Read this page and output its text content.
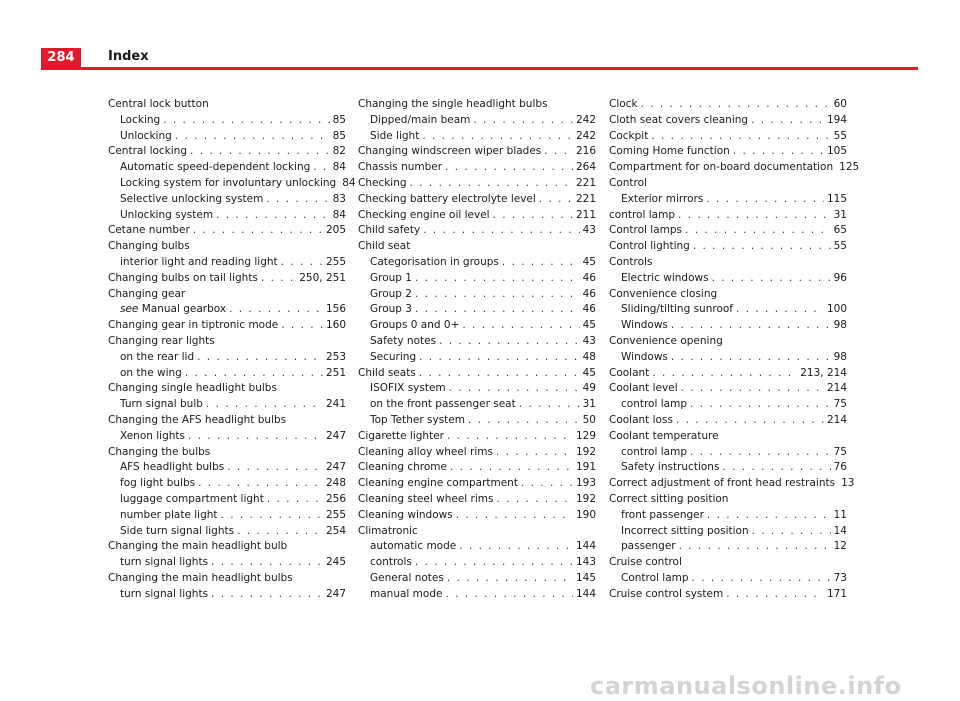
284	Index
Central lock button
Locking . . .	85
Unlocking . . .	85
Central locking . . .	82
Automatic speed-dependent locking . . . 84
Locking system for involuntary unlocking 84
Selective unlocking system . . .	83
Unlocking system . . .	84
Cetane number . . .	205
Changing bulbs
interior light and reading light . . .	255
Changing bulbs on tail lights . . .	250, 251
Changing gear
see Manual gearbox . . .	156
Changing gear in tiptronic mode . . .	160
Changing rear lights
on the rear lid . . .	253
on the wing . . .	251
Changing single headlight bulbs
Turn signal bulb . . .	241
Changing the AFS headlight bulbs
Xenon lights . . .	247
Changing the bulbs
AFS headlight bulbs . . .	247
fog light bulbs . . .	248
luggage compartment light . . .	256
number plate light . . .	255
Side turn signal lights . . .	254
Changing the main headlight bulb
turn signal lights . . .	245
Changing the main headlight bulbs
turn signal lights . . .	247
Changing the single headlight bulbs
Dipped/main beam . . .	242
Side light . . .	242
Changing windscreen wiper blades . . .	216
Chassis number . . .	264
Checking . . .	221
Checking battery electrolyte level . . .	221
Checking engine oil level . . .	211
Child safety . . .	43
Child seat
Categorisation in groups . . .	45
Group 1 . . .	46
Group 2 . . .	46
Group 3 . . .	46
Groups 0 and 0+ . . .	45
Safety notes . . .	43
Securing . . .	48
Child seats . . .	45
ISOFIX system . . .	49
on the front passenger seat . . .	31
Top Tether system . . .	50
Cigarette lighter . . .	129
Cleaning alloy wheel rims . . .	192
Cleaning chrome . . .	191
Cleaning engine compartment . . .	193
Cleaning steel wheel rims . . .	192
Cleaning windows . . .	190
Climatronic
automatic mode . . .	144
controls . . .	143
General notes . . .	145
manual mode . . .	144
Clock . . .	60
Cloth seat covers cleaning . . .	194
Cockpit . . .	55
Coming Home function . . .	105
Compartment for on-board documentation 125
Control
Exterior mirrors . . .	115
control lamp . . .	31
Control lamps . . .	65
Control lighting . . .	55
Controls
Electric windows . . .	96
Convenience closing
Sliding/tilting sunroof . . .	100
Windows . . .	98
Convenience opening
Windows . . .	98
Coolant . . .	213, 214
Coolant level . . .	214
control lamp . . .	75
Coolant loss . . .	214
Coolant temperature
control lamp . . .	75
Safety instructions . . .	76
Correct adjustment of front head restraints 13
Correct sitting position
front passenger . . .	11
Incorrect sitting position . . .	14
passenger . . .	12
Cruise control
Control lamp . . .	73
Cruise control system . . .	171
carmanualsonline.info
